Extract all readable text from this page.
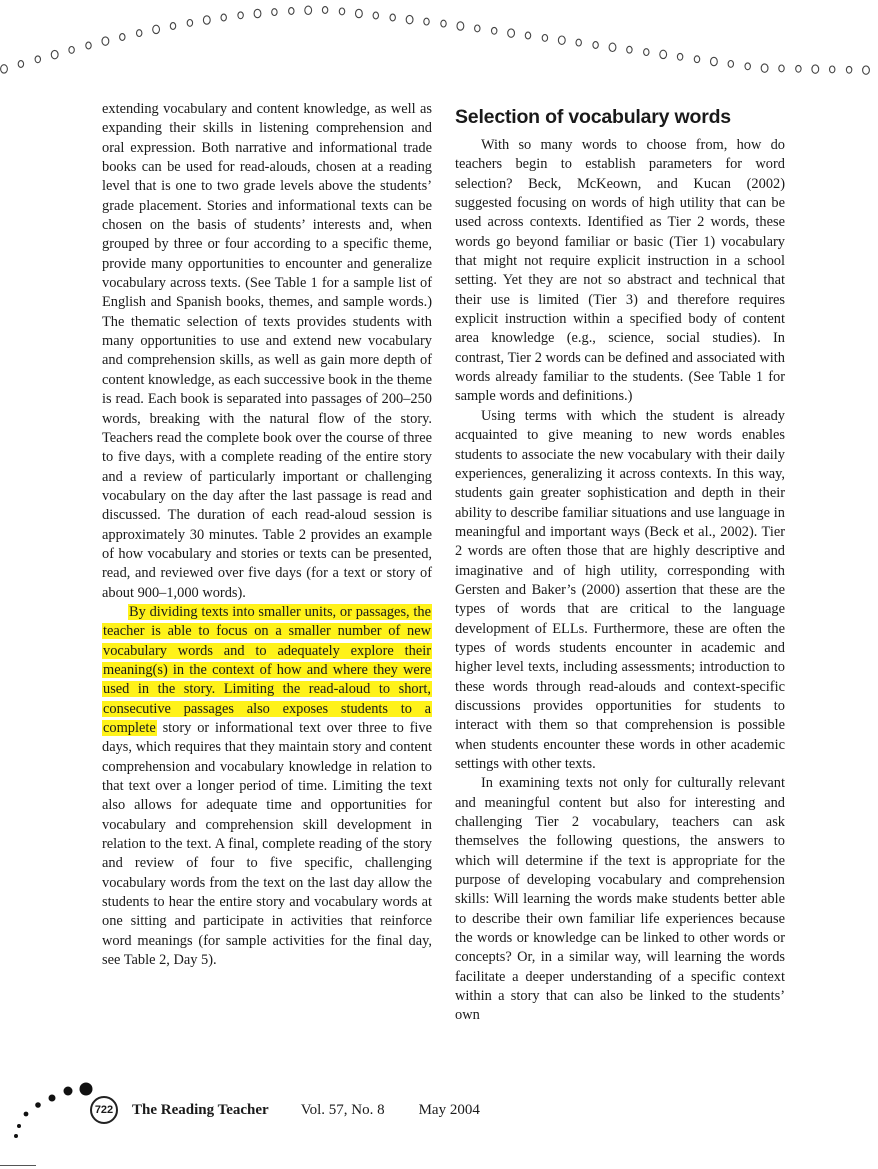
extending vocabulary and content knowledge, as well as expanding their skills in listening comprehension and oral expression. Both narrative and informational trade books can be used for read-alouds, chosen at a reading level that is one to two grade levels above the students’ grade placement. Stories and informational texts can be chosen on the basis of students’ interests and, when grouped by three or four according to a specific theme, provide many opportunities to encounter and generalize vocabulary across texts. (See Table 1 for a sample list of English and Spanish books, themes, and sample words.) The thematic selection of texts provides students with many opportunities to use and extend new vocabulary and comprehension skills, as well as gain more depth of content knowledge, as each successive book in the theme is read. Each book is separated into passages of 200–250 words, breaking with the natural flow of the story. Teachers read the complete book over the course of three to five days, with a complete reading of the entire story and a review of particularly important or challenging vocabulary on the day after the last passage is read and discussed. The duration of each read-aloud session is approximately 30 minutes. Table 2 provides an example of how vocabulary and stories or texts can be presented, read, and reviewed over five days (for a text or story of about 900–1,000 words).

By dividing texts into smaller units, or passages, the teacher is able to focus on a smaller number of new vocabulary words and to adequately explore their meaning(s) in the context of how and where they were used in the story. Limiting the read-aloud to short, consecutive passages also exposes students to a complete story or informational text over three to five days, which requires that they maintain story and content comprehension and vocabulary knowledge in relation to that text over a longer period of time. Limiting the text also allows for adequate time and opportunities for vocabulary and comprehension skill development in relation to the text. A final, complete reading of the story and review of four to five specific, challenging vocabulary words from the text on the last day allow the students to hear the entire story and vocabulary words at one sitting and participate in activities that reinforce word meanings (for sample activities for the final day, see Table 2, Day 5).

Selection of vocabulary words

With so many words to choose from, how do teachers begin to establish parameters for word selection? Beck, McKeown, and Kucan (2002) suggested focusing on words of high utility that can be used across contexts. Identified as Tier 2 words, these words go beyond familiar or basic (Tier 1) vocabulary that might not require explicit instruction in a school setting. Yet they are not so abstract and technical that their use is limited (Tier 3) and therefore requires explicit instruction within a specified body of content area knowledge (e.g., science, social studies). In contrast, Tier 2 words can be defined and associated with words already familiar to the students. (See Table 1 for sample words and definitions.)

Using terms with which the student is already acquainted to give meaning to new words enables students to associate the new vocabulary with their daily experiences, generalizing it across contexts. In this way, students gain greater sophistication and depth in their ability to describe familiar situations and use language in meaningful and important ways (Beck et al., 2002). Tier 2 words are often those that are highly descriptive and imaginative and of high utility, corresponding with Gersten and Baker’s (2000) assertion that these are the types of words that are critical to the language development of ELLs. Furthermore, these are often the types of words students encounter in academic and higher level texts, including assessments; introduction to these words through read-alouds and context-specific discussions provides opportunities for students to interact with them so that comprehension is possible when students encounter these words in other academic settings with other texts.

In examining texts not only for culturally relevant and meaningful content but also for interesting and challenging Tier 2 vocabulary, teachers can ask themselves the following questions, the answers to which will determine if the text is appropriate for the purpose of developing vocabulary and comprehension skills: Will learning the words make students better able to describe their own familiar life experiences because the words or knowledge can be linked to other words or concepts? Or, in a similar way, will learning the words facilitate a deeper understanding of a specific context within a story that can also be linked to the students’ own

722 The Reading Teacher Vol. 57, No. 8 May 2004
